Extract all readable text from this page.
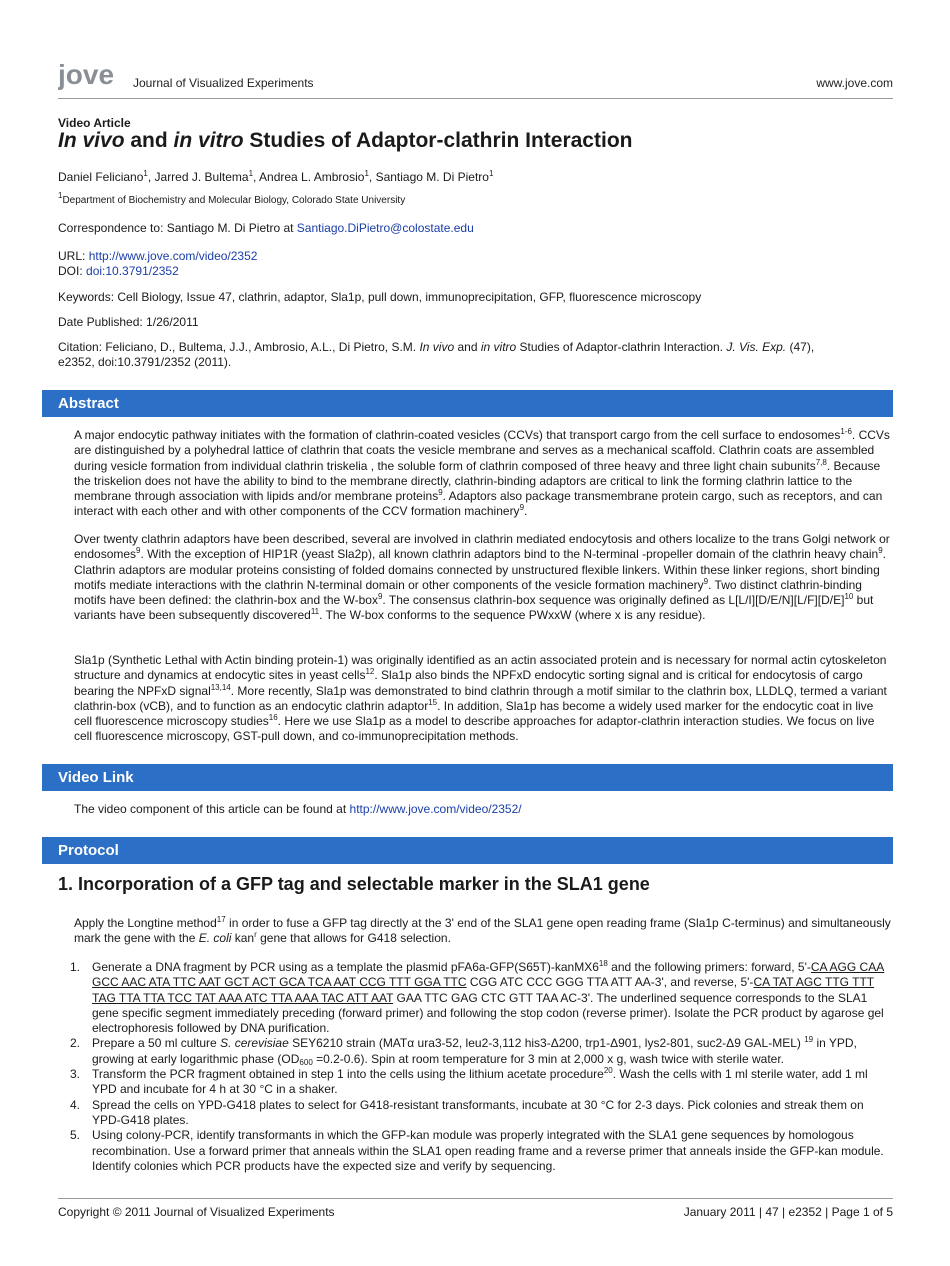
jove Journal of Visualized Experiments	www.jove.com
Video Article
In vivo and in vitro Studies of Adaptor-clathrin Interaction
Daniel Feliciano$^1$, Jarred J. Bultema$^1$, Andrea L. Ambrosio$^1$, Santiago M. Di Pietro$^1$
$^1$Department of Biochemistry and Molecular Biology, Colorado State University
Correspondence to: Santiago M. Di Pietro at Santiago.DiPietro@colostate.edu
URL: http://www.jove.com/video/2352
DOI: doi:10.3791/2352
Keywords: Cell Biology, Issue 47, clathrin, adaptor, Sla1p, pull down, immunoprecipitation, GFP, fluorescence microscopy
Date Published: 1/26/2011
Citation: Feliciano, D., Bultema, J.J., Ambrosio, A.L., Di Pietro, S.M. In vivo and in vitro Studies of Adaptor-clathrin Interaction. J. Vis. Exp. (47),
e2352, doi:10.3791/2352 (2011).
Abstract
A major endocytic pathway initiates with the formation of clathrin-coated vesicles (CCVs) that transport cargo from the cell surface to endosomes$^{1-6}$. CCVs are distinguished by a polyhedral lattice of clathrin that coats the vesicle membrane and serves as a mechanical scaffold. Clathrin coats are assembled during vesicle formation from individual clathrin triskelia , the soluble form of clathrin composed of three heavy and three light chain subunits$^{7,8}$. Because the triskelion does not have the ability to bind to the membrane directly, clathrin-binding adaptors are critical to link the forming clathrin lattice to the membrane through association with lipids and/or membrane proteins$^9$. Adaptors also package transmembrane protein cargo, such as receptors, and can interact with each other and with other components of the CCV formation machinery$^9$.
Over twenty clathrin adaptors have been described, several are involved in clathrin mediated endocytosis and others localize to the trans Golgi network or endosomes$^9$. With the exception of HIP1R (yeast Sla2p), all known clathrin adaptors bind to the N-terminal -propeller domain of the clathrin heavy chain$^9$. Clathrin adaptors are modular proteins consisting of folded domains connected by unstructured flexible linkers. Within these linker regions, short binding motifs mediate interactions with the clathrin N-terminal domain or other components of the vesicle formation machinery$^9$. Two distinct clathrin-binding motifs have been defined: the clathrin-box and the W-box$^9$. The consensus clathrin-box sequence was originally defined as $L[L/I][D/E/N][L/F][D/E]^{10}$ but variants have been subsequently discovered$^{11}$. The W-box conforms to the sequence PWxxW (where x is any residue).
Sla1p (Synthetic Lethal with Actin binding protein-1) was originally identified as an actin associated protein and is necessary for normal actin cytoskeleton structure and dynamics at endocytic sites in yeast cells$^{12}$. Sla1p also binds the NPFxD endocytic sorting signal and is critical for endocytosis of cargo bearing the NPFxD signal$^{13,14}$. More recently, Sla1p was demonstrated to bind clathrin through a motif similar to the clathrin box, LLDLQ, termed a variant clathrin-box (vCB), and to function as an endocytic clathrin adaptor$^{15}$. In addition, Sla1p has become a widely used marker for the endocytic coat in live cell fluorescence microscopy studies$^{16}$. Here we use Sla1p as a model to describe approaches for adaptor-clathrin interaction studies. We focus on live cell fluorescence microscopy, GST-pull down, and co-immunoprecipitation methods.
Video Link
The video component of this article can be found at http://www.jove.com/video/2352/
Protocol
1. Incorporation of a GFP tag and selectable marker in the SLA1 gene
Apply the Longtine method$^{17}$ in order to fuse a GFP tag directly at the 3' end of the SLA1 gene open reading frame (Sla1p C-terminus) and simultaneously mark the gene with the E. coli kan$^r$ gene that allows for G418 selection.
1. Generate a DNA fragment by PCR using as a template the plasmid $pFA6a-GFP(S65T)-kanMX6^{18}$ and the following primers: forward, 5'-CA AGG CAA GCC AAC ATA TTC AAT GCT ACT GCA TCA AAT CCG TTT GGA TTC CGG ATC CCC GGG TTA ATT AA-3', and reverse, 5'-CA TAT AGC TTG TTT TAG TTA TTA TCC TAT AAA ATC TTA AAA TAC ATT AAT GAA TTC GAG CTC GTT TAA AC-3'. The underlined sequence corresponds to the SLA1 gene specific segment immediately preceding (forward primer) and following the stop codon (reverse primer). Isolate the PCR product by agarose gel electrophoresis followed by DNA purification.
2. Prepare a 50 ml culture S. cerevisiae SEY6210 strain (MATα ura3-52, leu2-3,112 his3-Δ200, trp1-Δ901, lys2-801, suc2-Δ9 GAL-MEL) $^{19}$ in YPD, growing at early logarithmic phase $(OD_{600} =0.2-0.6)$. Spin at room temperature for 3 min at 2,000 x g, wash twice with sterile water.
3. Transform the PCR fragment obtained in step 1 into the cells using the lithium acetate procedure$^{20}$. Wash the cells with 1 ml sterile water, add 1 ml YPD and incubate for 4 h at 30 °C in a shaker.
4. Spread the cells on YPD-G418 plates to select for G418-resistant transformants, incubate at 30 °C for 2-3 days. Pick colonies and streak them on YPD-G418 plates.
5. Using colony-PCR, identify transformants in which the GFP-kan module was properly integrated with the SLA1 gene sequences by homologous recombination. Use a forward primer that anneals within the SLA1 open reading frame and a reverse primer that anneals inside the GFP-kan module. Identify colonies which PCR products have the expected size and verify by sequencing.
Copyright © 2011 Journal of Visualized Experiments	January 2011 | 47 | e2352 | Page 1 of 5
